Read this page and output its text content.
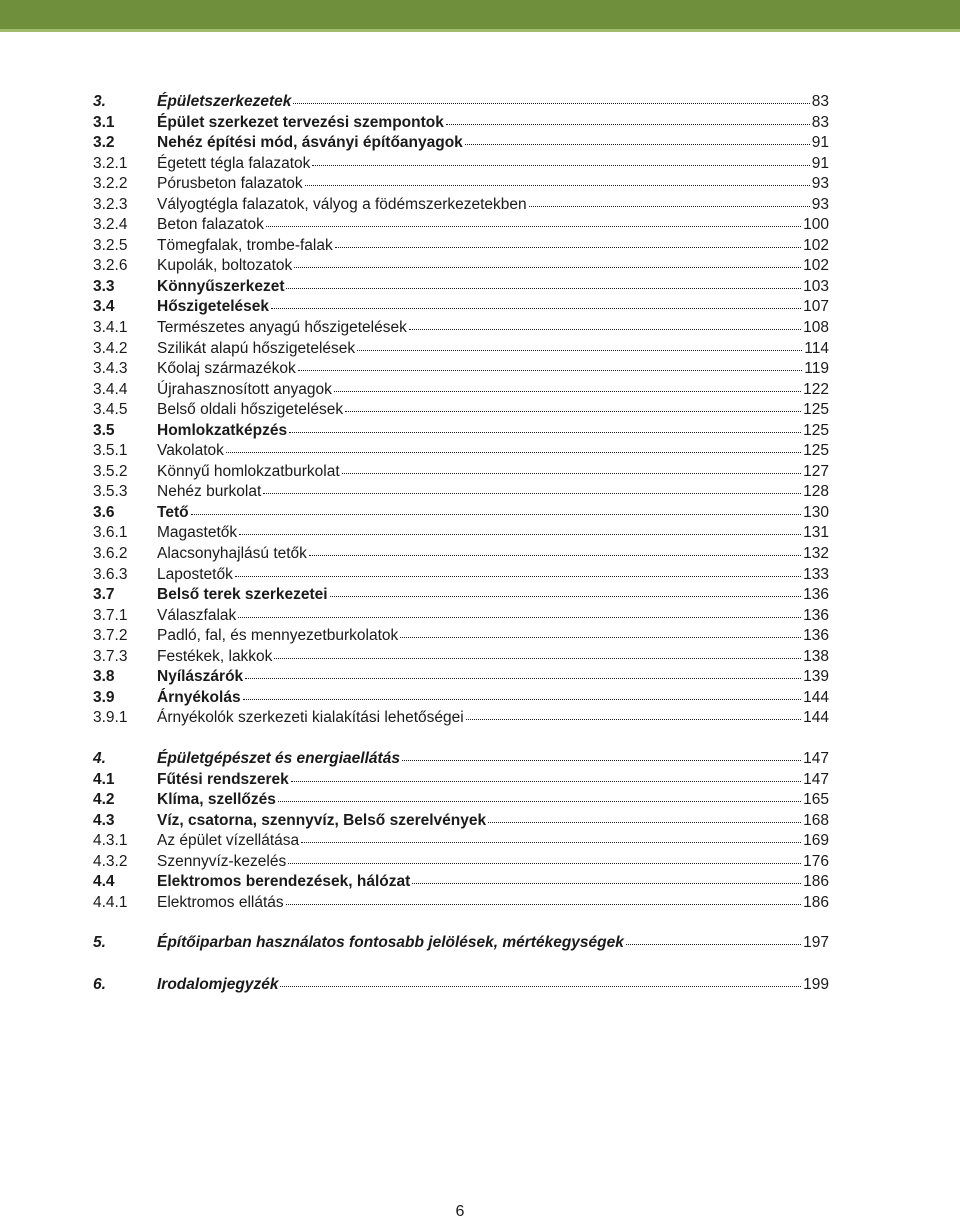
3.	Épületszerkezetek	83
3.1	Épület szerkezet tervezési szempontok	83
3.2	Nehéz építési mód, ásványi építőanyagok	91
3.2.1	Égetett tégla falazatok	91
3.2.2	Pórusbeton falazatok	93
3.2.3	Vályogtégla falazatok, vályog a födémszerkezetekben	93
3.2.4	Beton falazatok	100
3.2.5	Tömegfalak, trombe-falak	102
3.2.6	Kupolák, boltozatok	102
3.3	Könnyűszerkezet	103
3.4	Hőszigetelések	107
3.4.1	Természetes anyagú hőszigetelések	108
3.4.2	Szilikát alapú hőszigetelések	114
3.4.3	Kőolaj származékok	119
3.4.4	Újrahasznosított anyagok	122
3.4.5	Belső oldali hőszigetelések	125
3.5	Homlokzatképzés	125
3.5.1	Vakolatok	125
3.5.2	Könnyű homlokzatburkolat	127
3.5.3	Nehéz burkolat	128
3.6	Tető	130
3.6.1	Magastetők	131
3.6.2	Alacsonyhajlású tetők	132
3.6.3	Lapostetők	133
3.7	Belső terek szerkezetei	136
3.7.1	Válaszfalak	136
3.7.2	Padló, fal, és mennyezetburkolatok	136
3.7.3	Festékek, lakkok	138
3.8	Nyílászárók	139
3.9	Árnyékolás	144
3.9.1	Árnyékolók szerkezeti kialakítási lehetőségei	144
4.	Épületgépészet és energiaellátás	147
4.1	Fűtési rendszerek	147
4.2	Klíma, szellőzés	165
4.3	Víz, csatorna, szennyvíz, Belső szerelvények	168
4.3.1	Az épület vízellátása	169
4.3.2	Szennyvíz-kezelés	176
4.4	Elektromos berendezések, hálózat	186
4.4.1	Elektromos ellátás	186
5.	Építőiparban használatos fontosabb jelölések, mértékegységek	197
6.	Irodalomjegyzék	199
6
